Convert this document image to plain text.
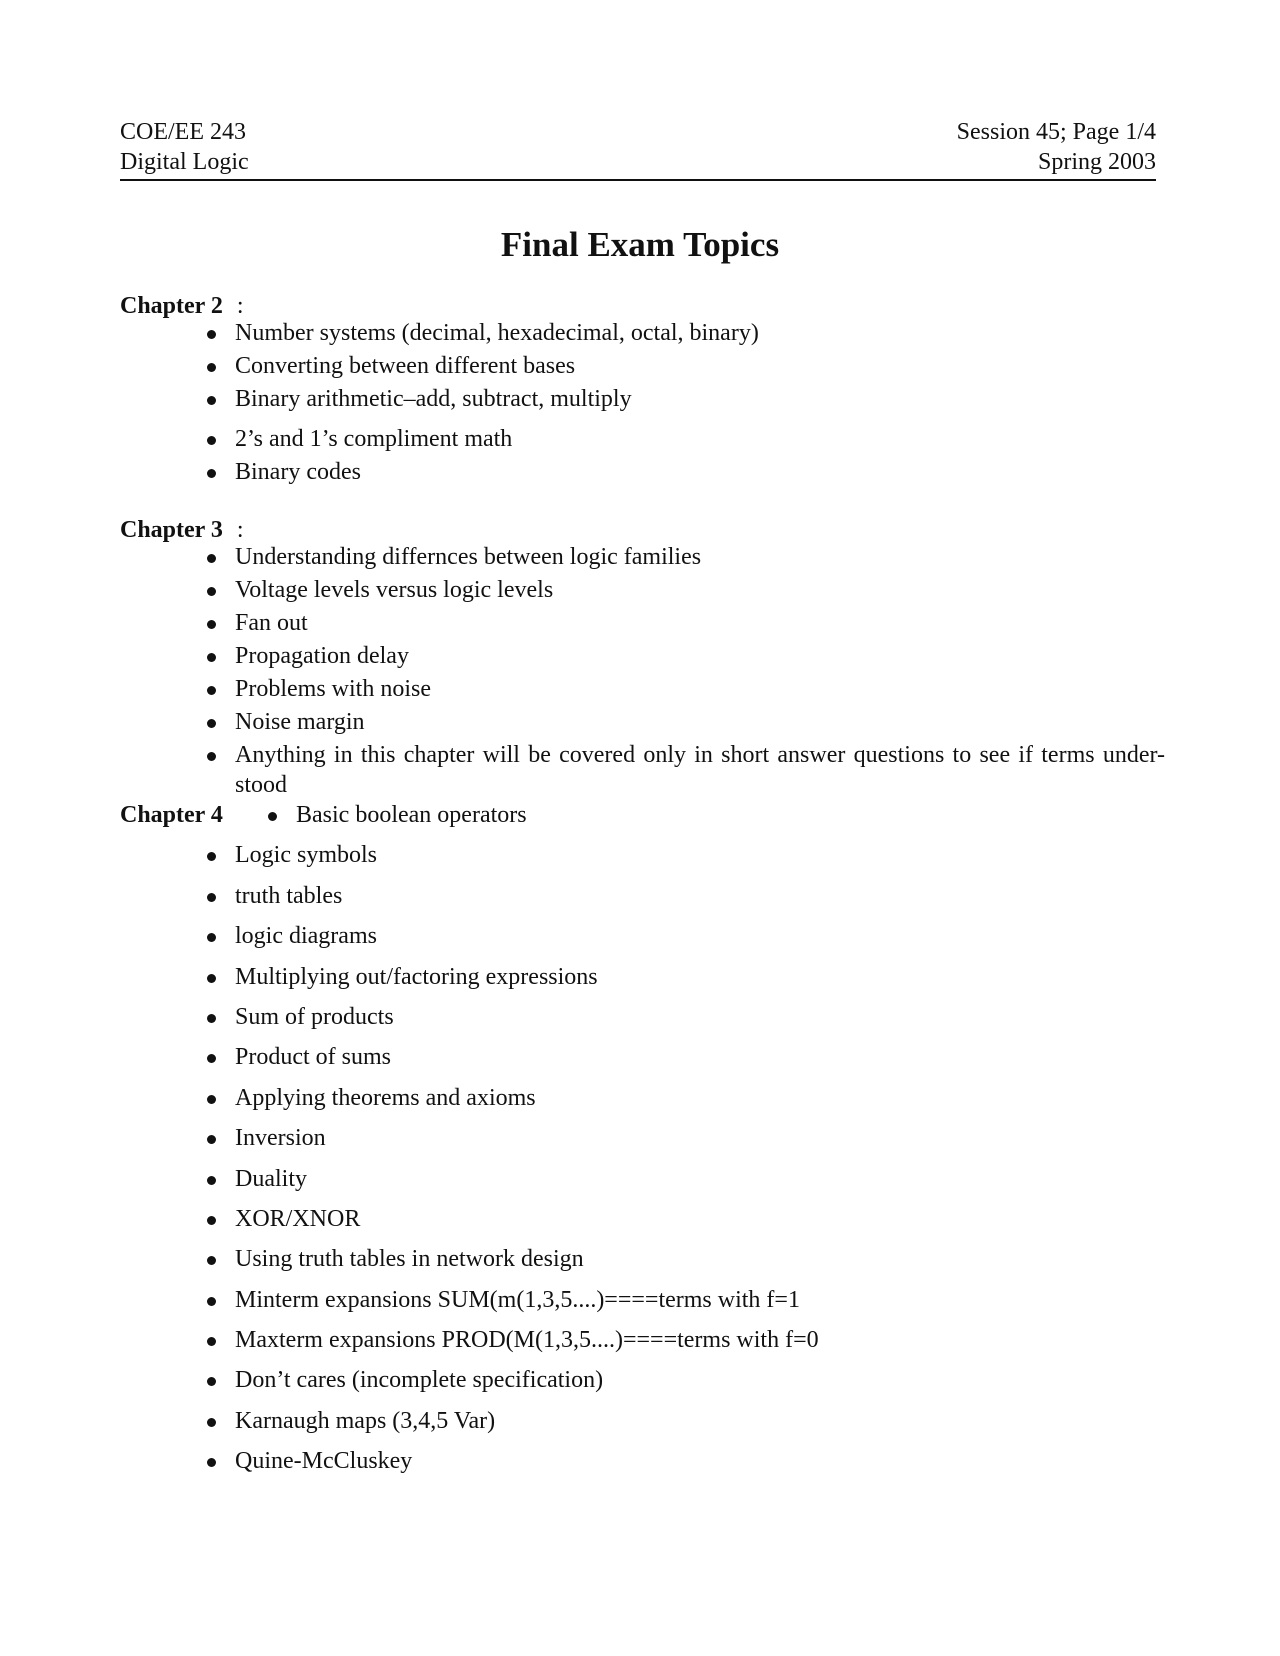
COE/EE 243
Digital Logic
Session 45; Page 1/4
Spring 2003
Final Exam Topics
Chapter 2 :
Number systems (decimal, hexadecimal, octal, binary)
Converting between different bases
Binary arithmetic–add, subtract, multiply
2’s and 1’s compliment math
Binary codes
Chapter 3 :
Understanding differnces between logic families
Voltage levels versus logic levels
Fan out
Propagation delay
Problems with noise
Noise margin
Anything in this chapter will be covered only in short answer questions to see if terms under- stood
Chapter 4	Basic boolean operators
Logic symbols
truth tables
logic diagrams
Multiplying out/factoring expressions
Sum of products
Product of sums
Applying theorems and axioms
Inversion
Duality
XOR/XNOR
Using truth tables in network design
Minterm expansions SUM(m(1,3,5....)====terms with f=1
Maxterm expansions PROD(M(1,3,5....)====terms with f=0
Don’t cares (incomplete specification)
Karnaugh maps (3,4,5 Var)
Quine-McCluskey
